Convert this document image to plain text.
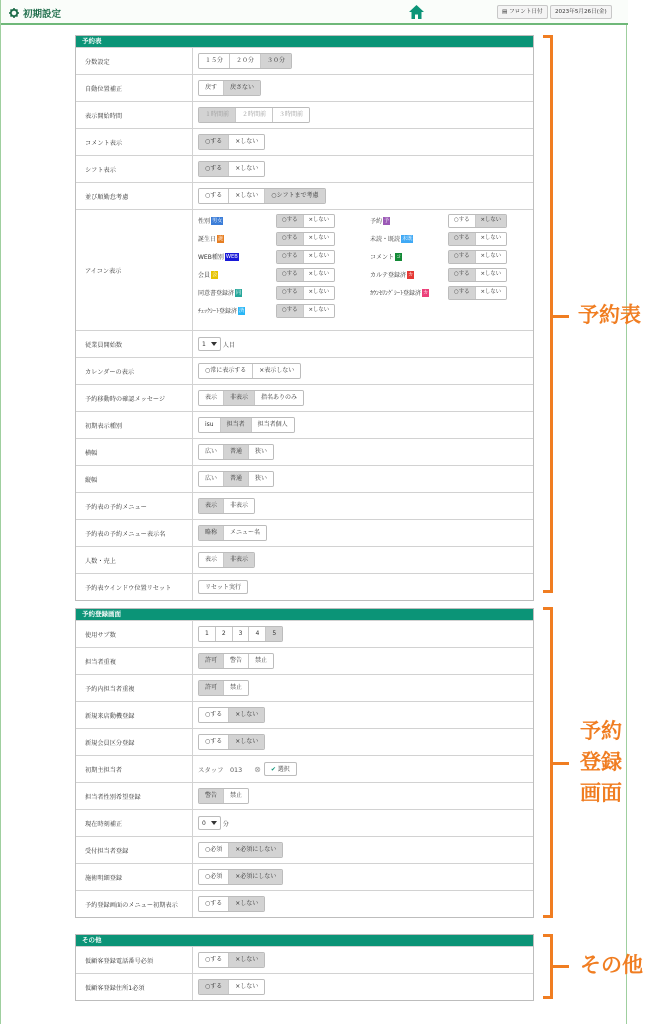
初期設定	▤ フロント日付	2023年5月26日(金)
予約表
分数設定	１５分	２０分	３０分
自動位置補正	戻す	戻さない
表示開始時間	１時間前	２時間前	３時間前
コメント表示	○する	×しない
シフト表示	○する	×しない
並び順勤怠考慮	○する	×しない	○シフトまで考慮
アイコン表示
性別 男女	○する	×しない	予約 予	○する	×しない
誕生日 誕	○する	×しない	未読・既読 未既	○する	×しない
WEB種別 WEB	○する	×しない	コメント コ	○する	×しない
会員 会	○する	×しない	カルテ登録済 カ	○する	×しない
同意書登録済 同	○する	×しない	ｶｳﾝｾﾘﾝｸﾞｼｰﾄ登録済 カ	○する	×しない
ﾁｪｯｸｼｰﾄ登録済 済	○する	×しない
従業員開始数	1	人目
カレンダーの表示	○常に表示する	×表示しない
予約移動時の確認メッセージ	表示	非表示	指名ありのみ
初期表示種別	isu	担当者	担当者個人
横幅	広い	普通	狭い
縦幅	広い	普通	狭い
予約表の予約メニュー	表示	非表示
予約表の予約メニュー表示名	略称	メニュー名
人数・売上	表示	非表示
予約表ウインドウ位置リセット	リセット実行
予約登録画面
使用サブ数	1	2	3	4	5
担当者重複	許可	警告	禁止
予約内担当者重複	許可	禁止
新規来店動機登録	○する	×しない
新規会員区分登録	○する	×しない
初期主担当者	スタッフ　013 ⊗	✔ 選択
担当者性別希望登録	警告	禁止
現在時刻補正	0	分
受付担当者登録	○必須	×必須にしない
施術明細登録	○必須	×必須にしない
予約登録画面のメニュー初期表示	○する	×しない
その他
仮顧客登録電話番号必須	○する	×しない
仮顧客登録住所1必須	○する	×しない
予約表
予約
登録
画面
その他
